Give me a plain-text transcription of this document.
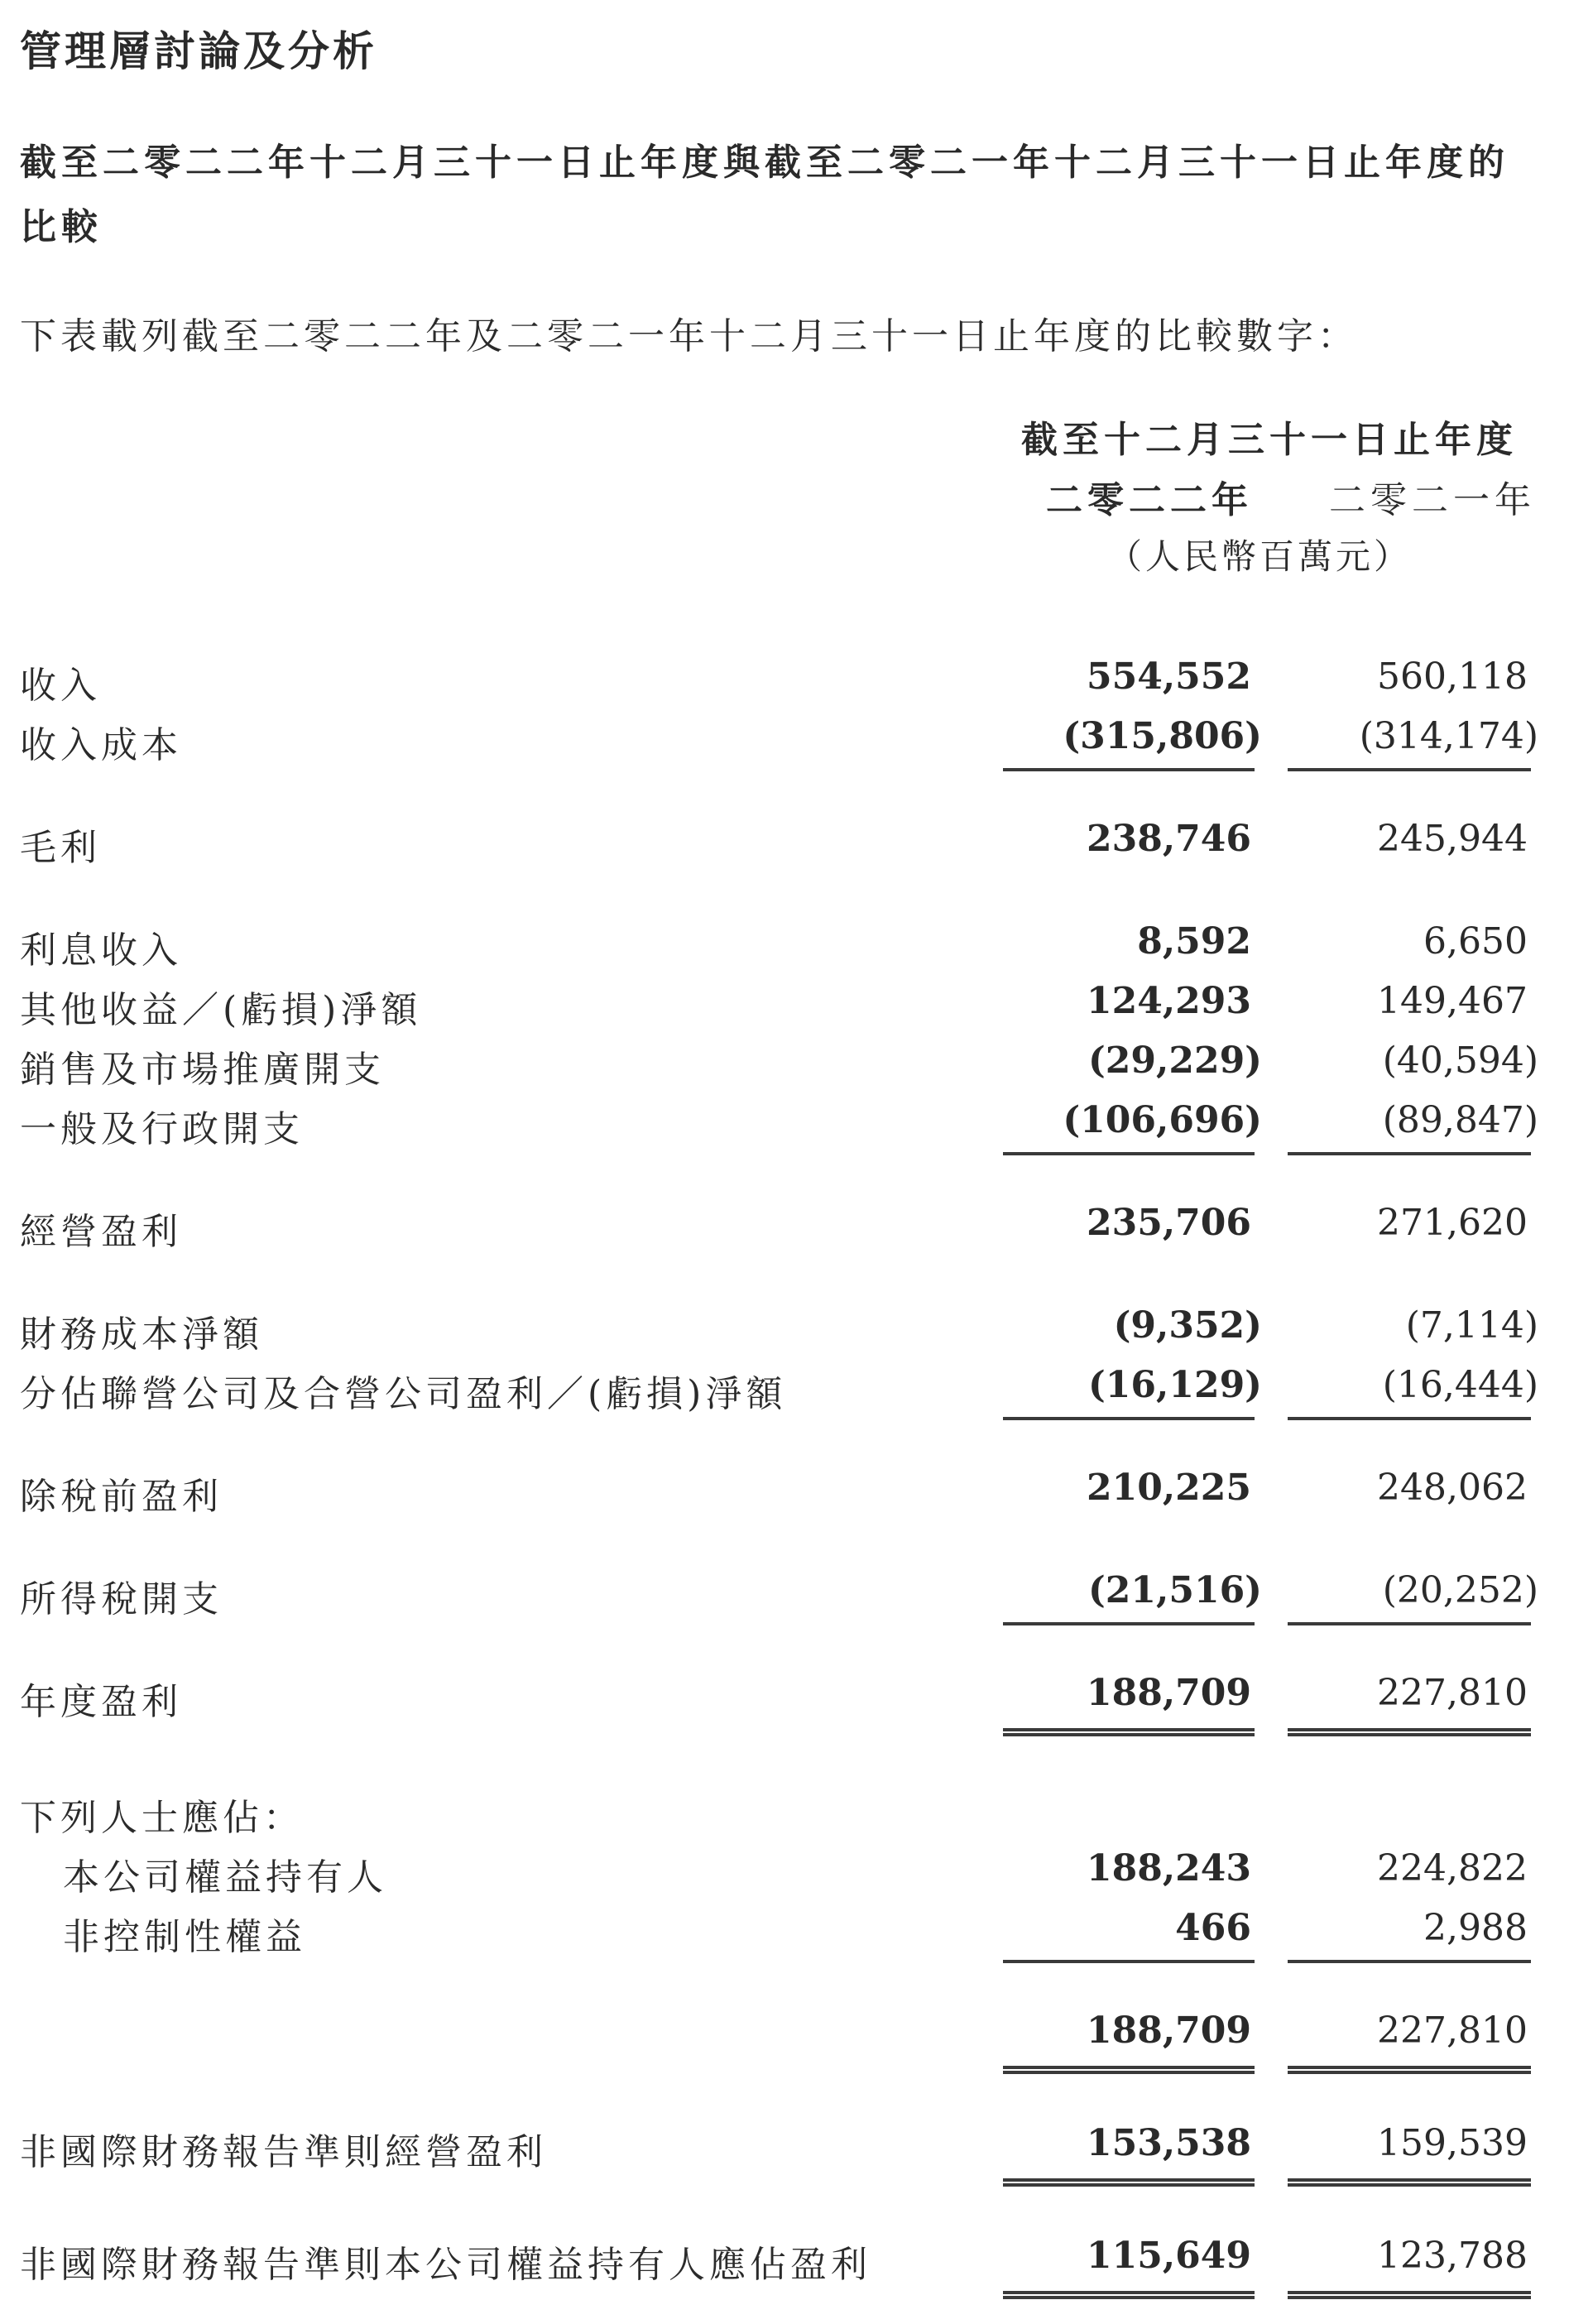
管理層討論及分析
截至二零二二年十二月三十一日止年度與截至二零二一年十二月三十一日止年度的
比較
下表載列截至二零二二年及二零二一年十二月三十一日止年度的比較數字：
截至十二月三十一日止年度
二零二二年 二零二一年
（人民幣百萬元）
收入	554,552	560,118
收入成本	(315,806)	(314,174)
毛利	238,746	245,944
利息收入	8,592	6,650
其他收益／(虧損)淨額	124,293	149,467
銷售及市場推廣開支	(29,229)	(40,594)
一般及行政開支	(106,696)	(89,847)
經營盈利	235,706	271,620
財務成本淨額	(9,352)	(7,114)
分佔聯營公司及合營公司盈利／(虧損)淨額	(16,129)	(16,444)
除稅前盈利	210,225	248,062
所得稅開支	(21,516)	(20,252)
年度盈利	188,709	227,810
下列人士應佔：
本公司權益持有人	188,243	224,822
非控制性權益	466	2,988
188,709	227,810
非國際財務報告準則經營盈利	153,538	159,539
非國際財務報告準則本公司權益持有人應佔盈利	115,649	123,788
